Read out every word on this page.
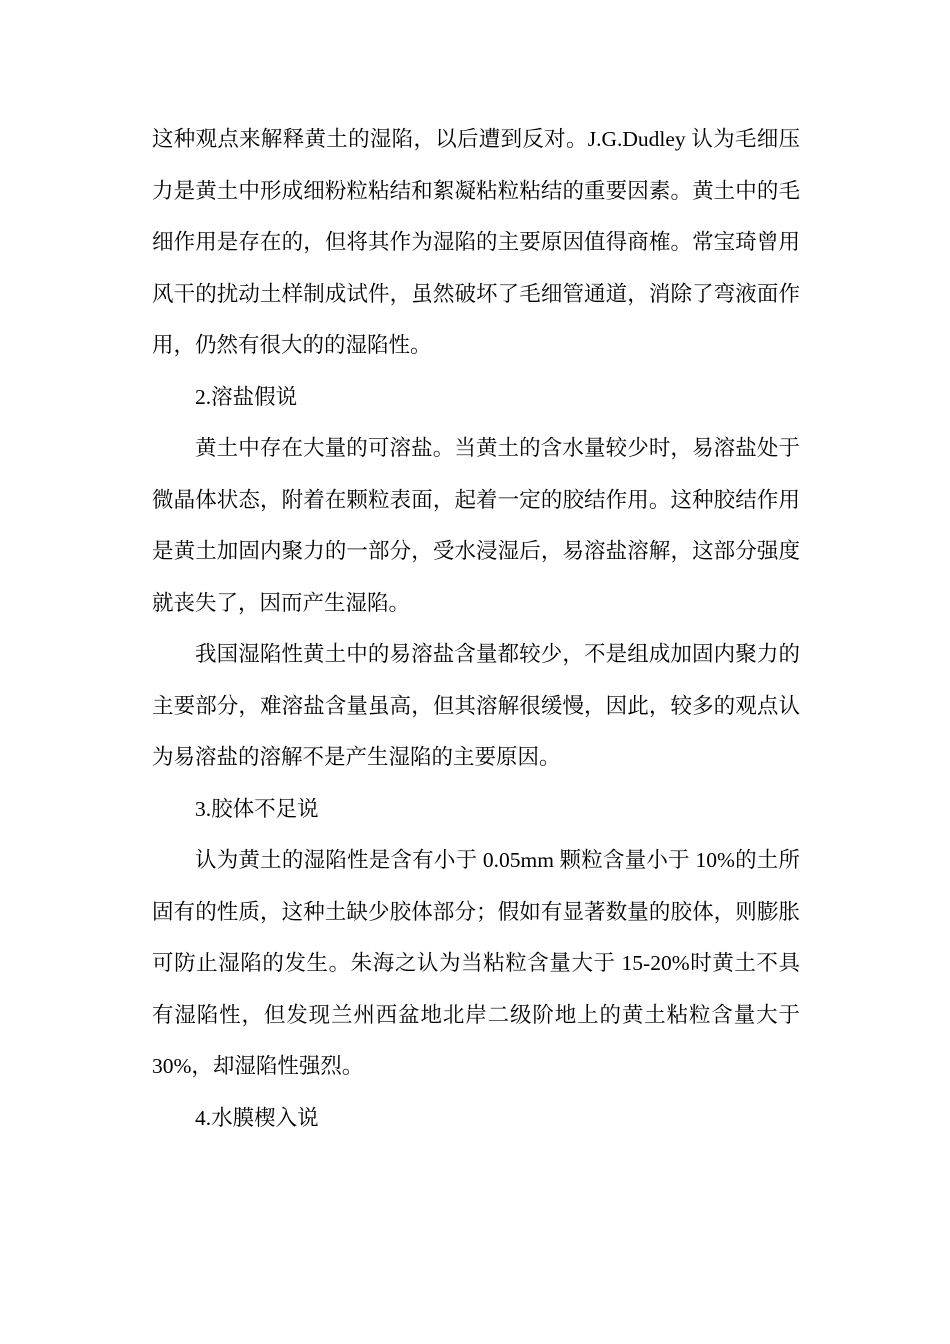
这种观点来解释黄土的湿陷，以后遭到反对。J.G.Dudley 认为毛细压力是黄土中形成细粉粒粘结和絮凝粘粒粘结的重要因素。黄土中的毛细作用是存在的，但将其作为湿陷的主要原因值得商榷。常宝琦曾用风干的扰动土样制成试件，虽然破坏了毛细管通道，消除了弯液面作用，仍然有很大的的湿陷性。

2.溶盐假说

黄土中存在大量的可溶盐。当黄土的含水量较少时，易溶盐处于微晶体状态，附着在颗粒表面，起着一定的胶结作用。这种胶结作用是黄土加固内聚力的一部分，受水浸湿后，易溶盐溶解，这部分强度就丧失了，因而产生湿陷。

我国湿陷性黄土中的易溶盐含量都较少，不是组成加固内聚力的主要部分，难溶盐含量虽高，但其溶解很缓慢，因此，较多的观点认为易溶盐的溶解不是产生湿陷的主要原因。

3.胶体不足说

认为黄土的湿陷性是含有小于 0.05mm 颗粒含量小于 10%的土所固有的性质，这种土缺少胶体部分；假如有显著数量的胶体，则膨胀可防止湿陷的发生。朱海之认为当粘粒含量大于 15-20%时黄土不具有湿陷性，但发现兰州西盆地北岸二级阶地上的黄土粘粒含量大于 30%，却湿陷性强烈。

4.水膜楔入说
